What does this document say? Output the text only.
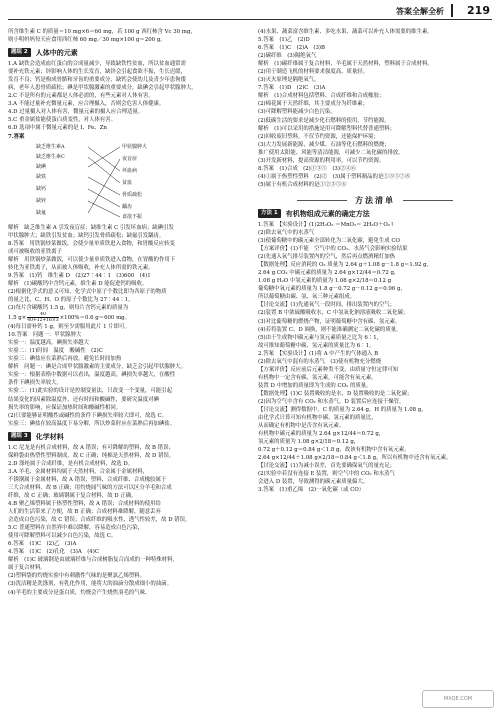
答案全解全析 219

所含维生素 C 的质量＝10 mg×6＝60 mg，若 100 g 西红柿含 Vc 30 mg，

则小明妈妈每天应食用西红柿 60 mg／30 mg×100 g＝200 g。

题组 2	人体中的元素

1.A 缺铁会造成血红蛋白的合成量减少，导致缺铁性贫血，所以贫血通常需

要补充铁元素；锌影响人体的生长发育，缺锌会引起食欲不振，生长迟缓，

发育不良；钙是构成骨骼和牙齿的重要成分，缺钙会使幼儿及青少年患佝偻

病，老年人患骨质疏松；碘是甲状腺激素的重要成分，缺碘会引起甲状腺肿大。

2.C 不是所有的元素都是人体必需的，有些元素对人体有害。

3.A 不能过量补充微量元素，应合理摄入，否则会危害人体健康。

4.D 过量摄入对人体有害，微量元素的摄入应合理适量。

5.C 重金属盐能使蛋白质变性，对人体有害。

6.D 选项中属于微量元素的是 I、Fe、Zn

7.答案

缺乏维生素A
缺乏维生素C
缺碘
缺铁
缺钙
缺锌
缺氟
甲状腺肿大
夜盲症
坏血病
贫血
骨质疏松
龋齿
食欲不振

解析　缺乏维生素 A 引发夜盲症；缺维生素 C 引发坏血病；缺碘引发

甲状腺肿大；缺铁引发贫血；缺钙引发骨质疏松；缺氟引发龋齿。

8.答案　用铁锅炒菜做饭，会使少量单质铁进入食物，和胃酸反应转变

成可被吸收的亚铁离子

解析　用铁锅炒菜做饭，可以使少量单质铁进入食物，在胃酸的作用下

转化为亚铁离子，从而被人体吸收，补充人体所需的铁元素。

9.答案　(1)钙　维生素 D　(2)27∶44∶1　(3)600　(4)1

解析　(1)碳酸钙中含钙元素，维生素 D 能促进钙的吸收。

(2)根据化学式的意义可知，化学式中原子个数比即为各原子的物质

的量之比，C、H、O 的原子个数比为 27∶44∶1。

(3)每片含碳酸钙 1.5 g，则每片含钙元素的质量为

1.5 $g\times \frac{40}{40+12+16\times 3}\times 100\%=0.6$ g＝600 mg。

(4)每日需补钙 1 g，则至少需服用此片 1 片即可。

10.答案　问题一：甲状腺肿大

实验一：温度越高，碘损失率越大

实验二：(1)时间　温度　酸碱性　(2)C

实验三：碘盐应在菜熟后再放，避免长时间加热

解析　问题一：碘是合成甲状腺激素的主要成分，缺乏会引起甲状腺肿大。

实验一：根据表格中数据可以看出，温度越高，碘损失率越大，在酸性

条件下碘损失率较大。

实验二：(1)此实验的设计是控制变量法，只改变一个变量，可能引起

结果变化的因素除温度外，还有时间和酸碱性，要研究温度对碘

损失率的影响，应保证加热时间和酸碱性相同。

(2)只要能够证明酸性或碱性的条件下碘损失率较大即可，故选 C。

实验三：碘盐在较高温度下易分解，所以炒菜时应在菜熟后再加碘盐。

题组 3	化学材料

1.C 尼龙是有机合成材料，故 A 错误；有可降解的塑料，故 B 错误；

保鲜袋由热塑性塑料制成，故 C 正确；纯棉是天然材料，故 D 错误。

2.D 涤纶属于合成纤维，是有机合成材料，故选 D。

3.A 羊毛、金属材料均属于天然材料，合金属于金属材料，

不锈钢属于金属材料，故 A 错误；塑料、合成纤维、合成橡胶属于

三大合成材料，故 B 正确；用灼烧闻气味的方法可以区分羊毛和合成

纤维，故 C 正确；玻璃钢属于复合材料，故 D 正确。

4.B 聚乙烯塑料属于热塑性塑料，故 A 错误；合成材料的使用给

人们的生活带来了方便，故 B 正确；合成材料难降解，随意丢弃

会造成白色污染，故 C 错误；合成纤维的吸水性、透气性较差，故 D 错误。

5.C 普通塑料在自然界中难以降解，容易造成白色污染，

使用可降解塑料可以减少白色污染，故选 C。

6.答案　(1)C　(2)乙　(3)A

4.答案　(1)C　(2)孔化　(3)A　(4)C

解析　(1)C 玻璃钢是由玻璃纤维与合成树脂复合而成的一种特殊材料，

属于复合材料。

(2)塑料袋的灼烧实验中有刺激性气味的是聚氯乙烯塑料。

(3)洗洁精是洗涤剂，有乳化作用，能将大的油滴分散成细小的油滴。

(4)羊毛的主要成分是蛋白质，灼烧会产生烧焦羽毛的气味。

(4)水果、蔬菜富含维生素，多吃水果、蔬菜可以补充人体需要的维生素。

5.答案　(1)乙　(2)D

6.答案　(1)C　(2)A　(3)B

(2)碳纤维　(3)隔绝氧气

解析　(1)碳纤维属于复合材料，羊毛属于天然材料，塑料属于合成材料。

(2)用于制造飞机的材料要求强度高、质量轻。

(3)灭火原理是隔绝氧气。

7.答案　(1)D　(2)C　(3)A

解析　(1)合成材料包括塑料、合成纤维和合成橡胶；

(2)棉花属于天然纤维，其主要成分为纤维素；

(3)可降解塑料能减少白色污染。

(2)低碳生活的要求是减少化石燃料的使用，节约能源。

解析　(1)可以采用的措施是用可降解塑料代替普通塑料；

(2)回收废旧塑料，不仅节约资源，还能保护环境；

(3)大力发展新能源，减少煤、石油等化石燃料的燃烧；

推广使用太阳能、风能等清洁能源，可减少二氧化碳的排放。

(3)开发新材料，提高资源的利用率，可以节约资源。

8.答案　(1)合成　(2)①③⑤　(3)②④⑥

(4)①属于热塑性塑料　(2)②　(3)属于塑料制品的是①③⑤⑦⑧

(5)属于有机合成材料的是①②③⑤⑥

方法清单
方法 1	有机物组成元素的确定方法

1.答案　【实验设计】(1)2H₂O₂ ＝MnO₂＝ 2H₂O＋O₂↑

(2)除去氧气中的水蒸气

(3)使葡萄糖中的碳元素全部转化为二氧化碳，避免生成 CO

【方案评价】(1)不能　空气中的 CO₂、水蒸气会影响实验结果

(2)先通入氧气排尽装置内的空气，然后再点燃酒精灯加热

【数据处理】反应消耗的 O₂ 质量为 2.64 g＋1.08 g－1.8 g＝1.92 g，

2.64 g CO₂ 中碳元素的质量为 2.64 g×12/44＝0.72 g，

1.08 g H₂O 中氢元素的质量为 1.08 g×2/18＝0.12 g

葡萄糖中氧元素的质量为 1.8 g－0.72 g－0.12 g＝0.96 g，

所以葡萄糖由碳、氢、氧三种元素组成。

【讨论交流】(1)先通氧气一段时间，排出装置内的空气；

(2)装置 B 中浓硫酸吸收水，C 中氢氧化钠溶液吸收二氧化碳；

(3)对比葡萄糖的燃烧产物，证明葡萄糖中含有碳、氢元素。

(4)若将装置 C、D 调换，则不能准确测定二氧化碳的质量。

(5)由于生成物中碳元素与氢元素质量之比为 6∶1，

故可推知葡萄糖中碳、氢元素的质量比为 6∶1。

2.答案　【实验设计】(1)将 A 中产生的气体通入 B

(2)除去氧气中混有的水蒸气　(3)使有机物充分燃烧

【方案评价】反应前后元素种类不变，由质量守恒定律可知

有机物中一定含有碳、氢元素，可能含有氧元素。

装置 D 中增加的质量即为生成的 CO₂ 的质量。

【数据处理】(1)C 装置吸收的是水，D 装置吸收的是二氧化碳；

(2)因为空气中含有 CO₂ 和水蒸气，D 装置后应连接干燥管。

【讨论交流】测得数据中，C 的质量为 2.64 g，H 的质量为 1.08 g，

由化学式计算可知有机物中碳、氢元素的质量比，

从而确定有机物中是否含有氧元素。

有机物中碳元素的质量为 2.64 g×12/44＝0.72 g，

氢元素的质量为 1.08 g×2/18＝0.12 g，

0.72 g＋0.12 g＝0.84 g＜1.8 g，故该有机物中含有氧元素。

2.64 g×12/44＋1.08 g×2/18＝0.84 g＜1.8 g，所以有机物中还含有氧元素。

【讨论交流】(1)为减小误差，首先要确保氧气的量充足；

(2)实验中若没有连接 E 装置，则空气中的 CO₂ 和水蒸气

会进入 D 装置，导致测得的碳元素质量偏大。

3.答案　(1)重乙烯　(2)一氧化碳（或 CO）

MXQE.COM
